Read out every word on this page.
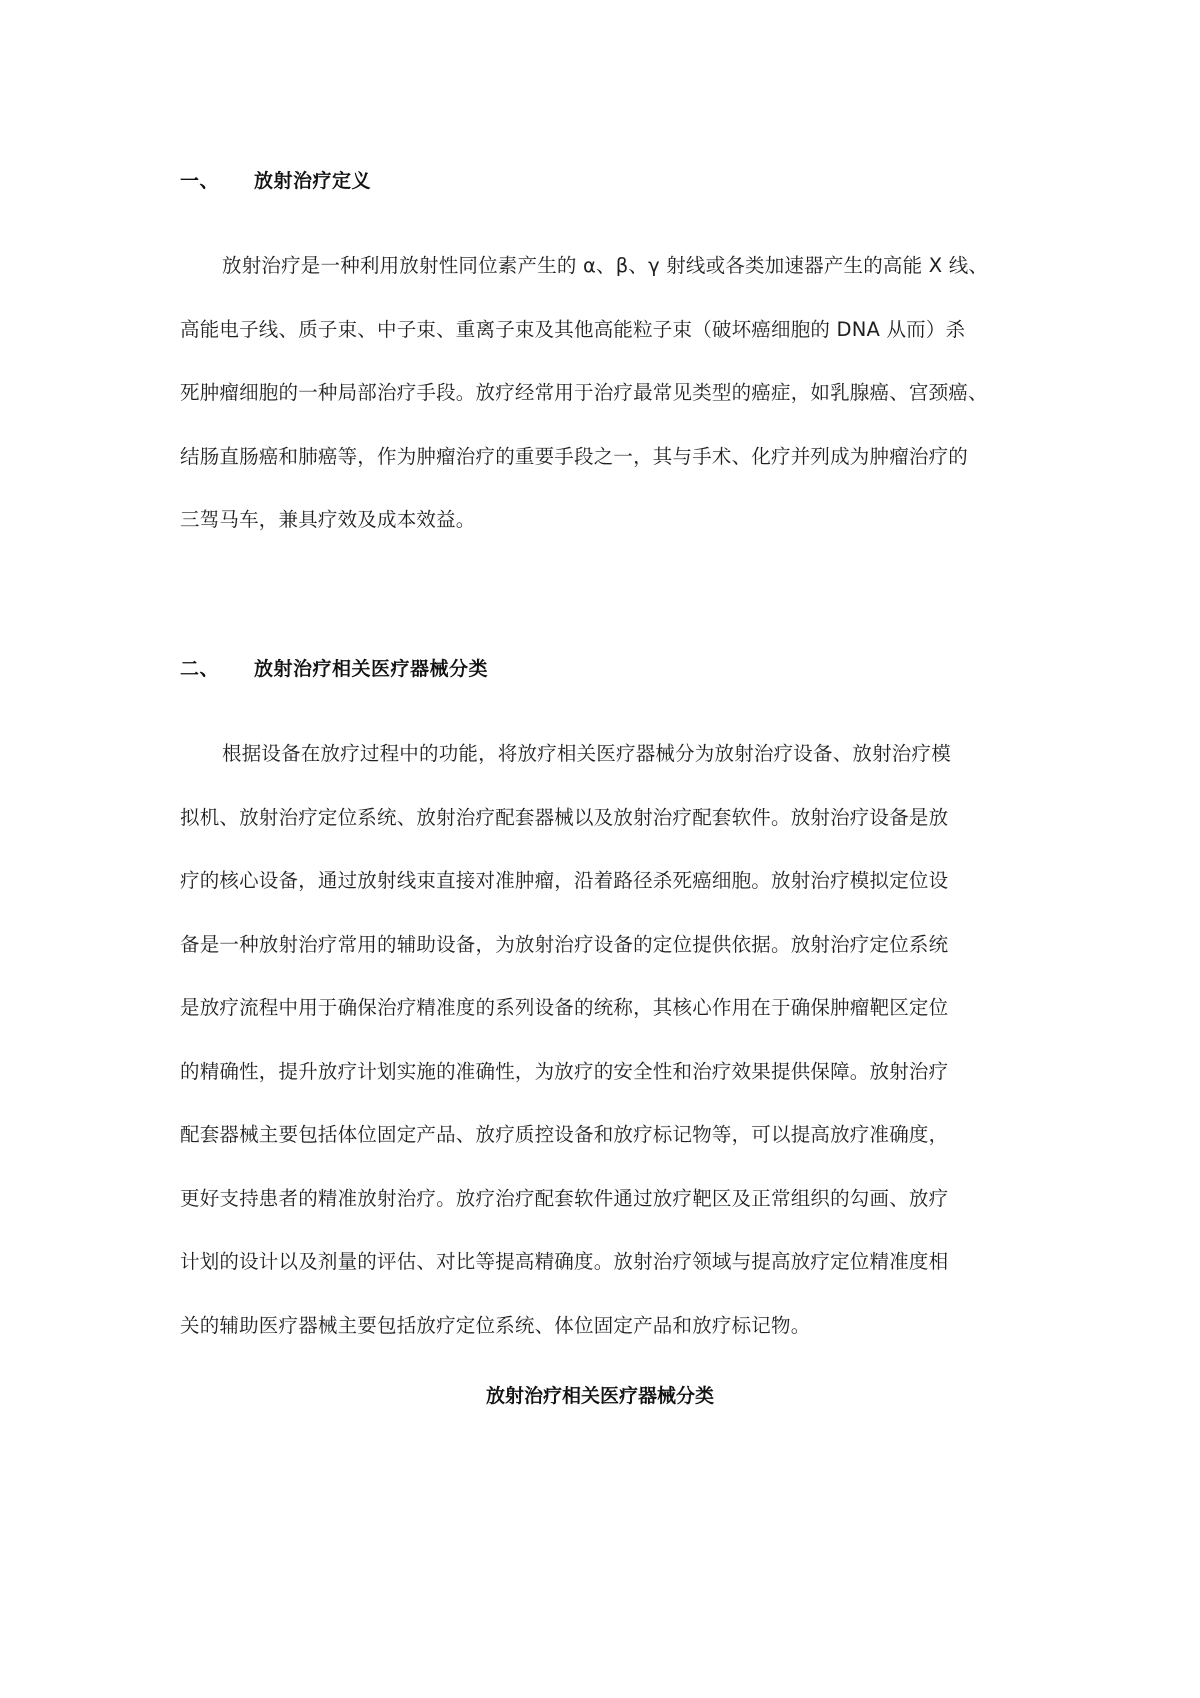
一、 放射治疗定义
放射治疗是一种利用放射性同位素产生的 α、β、γ 射线或各类加速器产生的高能 X 线、
高能电子线、质子束、中子束、重离子束及其他高能粒子束（破坏癌细胞的 DNA 从而）杀
死肿瘤细胞的一种局部治疗手段。放疗经常用于治疗最常见类型的癌症，如乳腺癌、宫颈癌、
结肠直肠癌和肺癌等，作为肿瘤治疗的重要手段之一，其与手术、化疗并列成为肿瘤治疗的
三驾马车，兼具疗效及成本效益。
二、 放射治疗相关医疗器械分类
根据设备在放疗过程中的功能，将放疗相关医疗器械分为放射治疗设备、放射治疗模
拟机、放射治疗定位系统、放射治疗配套器械以及放射治疗配套软件。放射治疗设备是放
疗的核心设备，通过放射线束直接对准肿瘤，沿着路径杀死癌细胞。放射治疗模拟定位设
备是一种放射治疗常用的辅助设备，为放射治疗设备的定位提供依据。放射治疗定位系统
是放疗流程中用于确保治疗精准度的系列设备的统称，其核心作用在于确保肿瘤靶区定位
的精确性，提升放疗计划实施的准确性，为放疗的安全性和治疗效果提供保障。放射治疗
配套器械主要包括体位固定产品、放疗质控设备和放疗标记物等，可以提高放疗准确度，
更好支持患者的精准放射治疗。放疗治疗配套软件通过放疗靶区及正常组织的勾画、放疗
计划的设计以及剂量的评估、对比等提高精确度。放射治疗领域与提高放疗定位精准度相
关的辅助医疗器械主要包括放疗定位系统、体位固定产品和放疗标记物。
放射治疗相关医疗器械分类
